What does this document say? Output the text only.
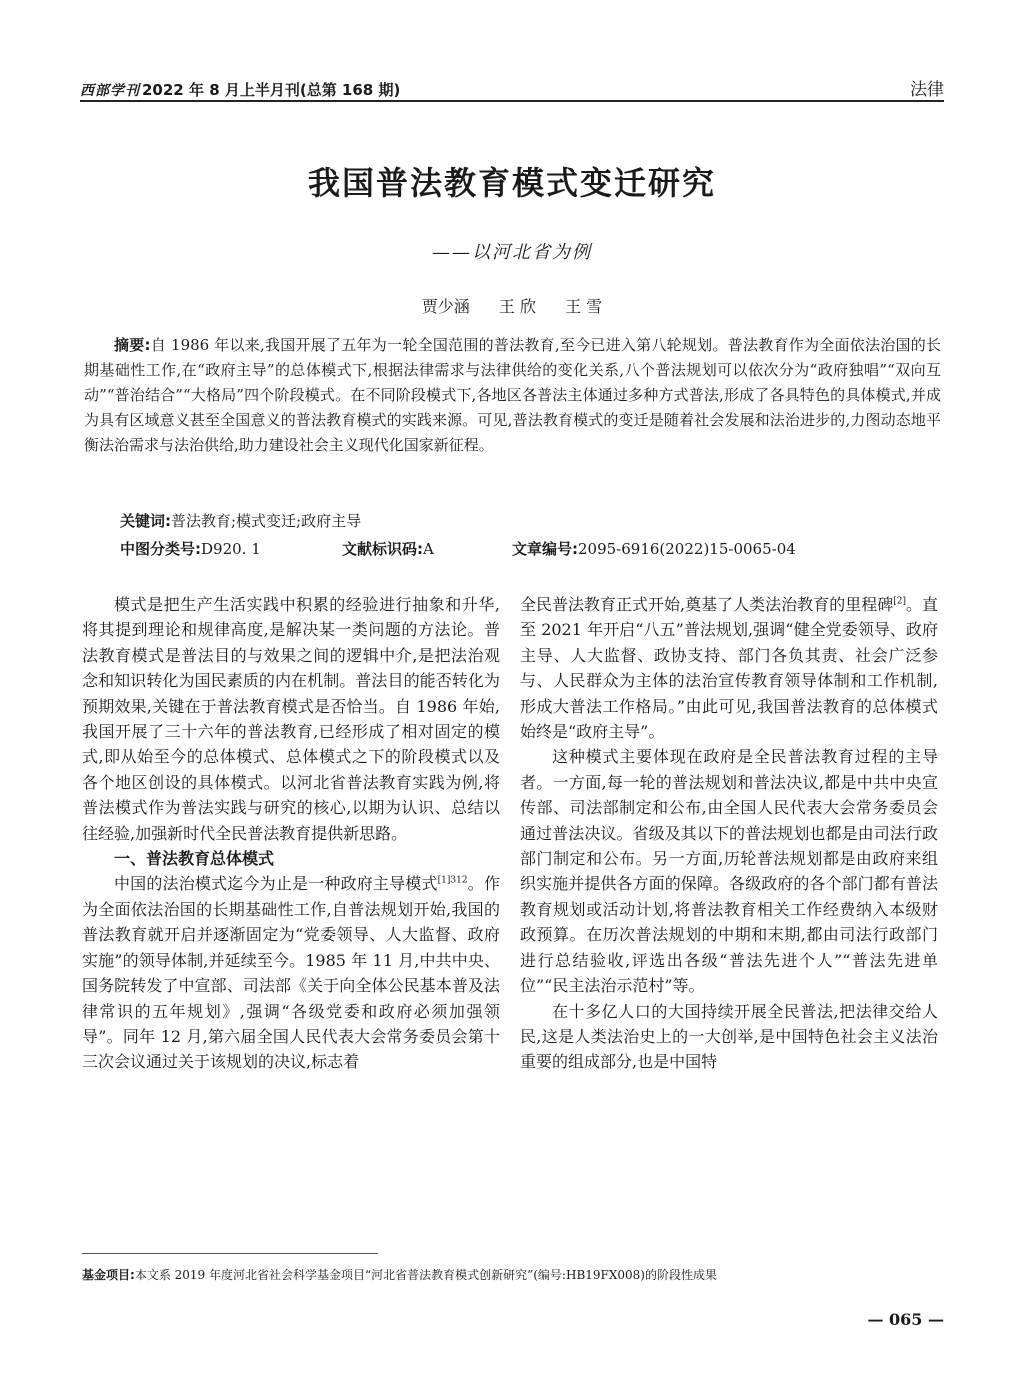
西部学刊 2022 年 8 月上半月刊(总第 168 期)	法律
我国普法教育模式变迁研究
——以河北省为例
贾少涵 王 欣 王 雪
摘要:自 1986 年以来,我国开展了五年为一轮全国范围的普法教育,至今已进入第八轮规划。普法教育作为全面依法治国的长期基础性工作,在“政府主导”的总体模式下,根据法律需求与法律供给的变化关系,八个普法规划可以依次分为“政府独唱”“双向互动”“普治结合”“大格局”四个阶段模式。在不同阶段模式下,各地区各普法主体通过多种方式普法,形成了各具特色的具体模式,并成为具有区域意义甚至全国意义的普法教育模式的实践来源。可见,普法教育模式的变迁是随着社会发展和法治进步的,力图动态地平衡法治需求与法治供给,助力建设社会主义现代化国家新征程。
关键词:普法教育;模式变迁;政府主导
中图分类号:D920. 1	文献标识码:A	文章编号:2095-6916(2022)15-0065-04

模式是把生产生活实践中积累的经验进行抽象和升华,将其提到理论和规律高度,是解决某一类问题的方法论。普法教育模式是普法目的与效果之间的逻辑中介,是把法治观念和知识转化为国民素质的内在机制。普法目的能否转化为预期效果,关键在于普法教育模式是否恰当。自 1986 年始,我国开展了三十六年的普法教育,已经形成了相对固定的模式,即从始至今的总体模式、总体模式之下的阶段模式以及各个地区创设的具体模式。以河北省普法教育实践为例,将普法模式作为普法实践与研究的核心,以期为认识、总结以往经验,加强新时代全民普法教育提供新思路。

一、普法教育总体模式

中国的法治模式迄今为止是一种政府主导模式$^{[1]312}$。作为全面依法治国的长期基础性工作,自普法规划开始,我国的普法教育就开启并逐渐固定为“党委领导、人大监督、政府实施”的领导体制,并延续至今。1985 年 11 月,中共中央、国务院转发了中宣部、司法部《关于向全体公民基本普及法律常识的五年规划》,强调“各级党委和政府必须加强领导”。同年 12 月,第六届全国人民代表大会常务委员会第十三次会议通过关于该规划的决议,标志着

全民普法教育正式开始,奠基了人类法治教育的里程碑[2]。直至 2021 年开启“八五”普法规划,强调“健全党委领导、政府主导、人大监督、政协支持、部门各负其责、社会广泛参与、人民群众为主体的法治宣传教育领导体制和工作机制,形成大普法工作格局。”由此可见,我国普法教育的总体模式始终是“政府主导”。

这种模式主要体现在政府是全民普法教育过程的主导者。一方面,每一轮的普法规划和普法决议,都是中共中央宣传部、司法部制定和公布,由全国人民代表大会常务委员会通过普法决议。省级及其以下的普法规划也都是由司法行政部门制定和公布。另一方面,历轮普法规划都是由政府来组织实施并提供各方面的保障。各级政府的各个部门都有普法教育规划或活动计划,将普法教育相关工作经费纳入本级财政预算。在历次普法规划的中期和末期,都由司法行政部门进行总结验收,评选出各级“普法先进个人”“普法先进单位”“民主法治示范村”等。

在十多亿人口的大国持续开展全民普法,把法律交给人民,这是人类法治史上的一大创举,是中国特色社会主义法治重要的组成部分,也是中国特

基金项目:本文系 2019 年度河北省社会科学基金项目“河北省普法教育模式创新研究”(编号:HB19FX008)的阶段性成果
— 065 —
